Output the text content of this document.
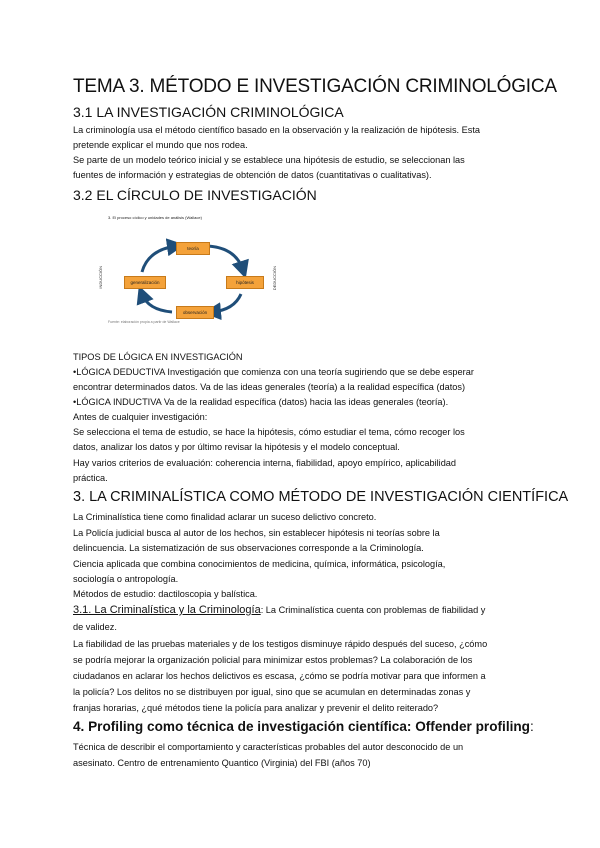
TEMA 3. MÉTODO E INVESTIGACIÓN CRIMINOLÓGICA
3.1 LA INVESTIGACIÓN CRIMINOLÓGICA

La criminología usa el método científico basado en la observación y la realización de hipótesis. Esta

pretende explicar el mundo que nos rodea.

Se parte de un modelo teórico inicial y se establece una hipótesis de estudio, se seleccionan las

fuentes de información y estrategias de obtención de datos (cuantitativas o cualitativas).

3.2 EL CÍRCULO DE INVESTIGACIÓN
3. El proceso cíclico y unidades de análisis (Wallace)
teoría
hipótesis
observación
generalización
INDUCCIÓN	DEDUCCIÓN
Fuente: elaboración propia a partir de Wallace

TIPOS DE LÓGICA EN INVESTIGACIÓN

•LÓGICA DEDUCTIVA Investigación que comienza con una teoría sugiriendo que se debe esperar

encontrar determinados datos. Va de las ideas generales (teoría) a la realidad específica (datos)

•LÓGICA INDUCTIVA Va de la realidad específica (datos) hacia las ideas generales (teoría).

Antes de cualquier investigación:

Se selecciona el tema de estudio, se hace la hipótesis, cómo estudiar el tema, cómo recoger los

datos, analizar los datos y por último revisar la hipótesis y el modelo conceptual.

Hay varios criterios de evaluación: coherencia interna, fiabilidad, apoyo empírico, aplicabilidad

práctica.

3. LA CRIMINALÍSTICA COMO MÉTODO DE INVESTIGACIÓN CIENTÍFICA

La Criminalística tiene como finalidad aclarar un suceso delictivo concreto.

La Policía judicial busca al autor de los hechos, sin establecer hipótesis ni teorías sobre la

delincuencia. La sistematización de sus observaciones corresponde a la Criminología.

Ciencia aplicada que combina conocimientos de medicina, química, informática, psicología,

sociología o antropología.

Métodos de estudio: dactiloscopia y balística.

3.1. La Criminalística y la Criminología: La Criminalística cuenta con problemas de fiabilidad y

de validez.

La fiabilidad de las pruebas materiales y de los testigos disminuye rápido después del suceso, ¿cómo

se podría mejorar la organización policial para minimizar estos problemas? La colaboración de los

ciudadanos en aclarar los hechos delictivos es escasa, ¿cómo se podría motivar para que informen a

la policía? Los delitos no se distribuyen por igual, sino que se acumulan en determinadas zonas y

franjas horarias, ¿qué métodos tiene la policía para analizar y prevenir el delito reiterado?

4. Profiling como técnica de investigación científica: Offender profiling:

Técnica de describir el comportamiento y características probables del autor desconocido de un

asesinato. Centro de entrenamiento Quantico (Virginia) del FBI (años 70)
